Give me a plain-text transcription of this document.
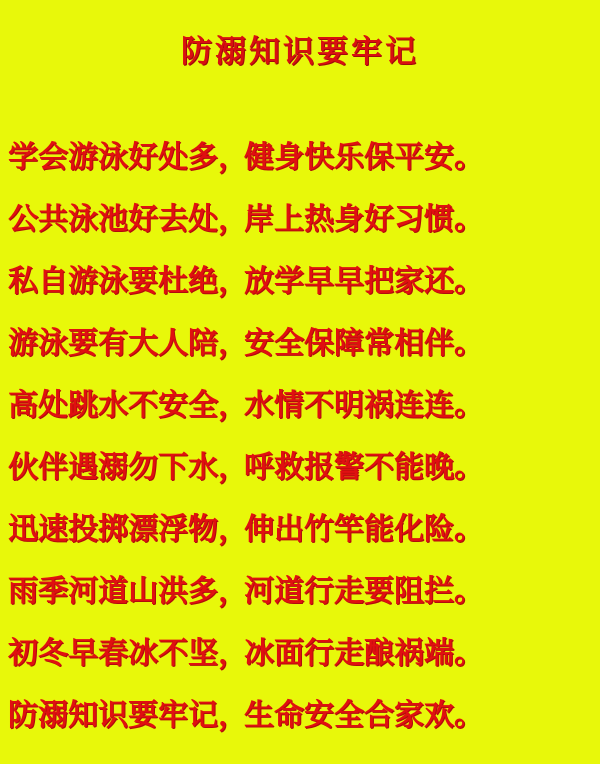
防溺知识要牢记
学会游泳好处多 ，
健身快乐保平安 。
公共泳池好去处 ，
岸上热身好习惯 。
私自游泳要杜绝 ，
放学早早把家还 。
游泳要有大人陪 ，
安全保障常相伴 。
高处跳水不安全 ，
水情不明祸连连 。
伙伴遇溺勿下水 ，
呼救报警不能晚 。
迅速投掷漂浮物 ，
伸出竹竿能化险 。
雨季河道山洪多 ，
河道行走要阻拦 。
初冬早春冰不坚 ，
冰面行走酿祸端 。
防溺知识要牢记 ，
生命安全合家欢 。
